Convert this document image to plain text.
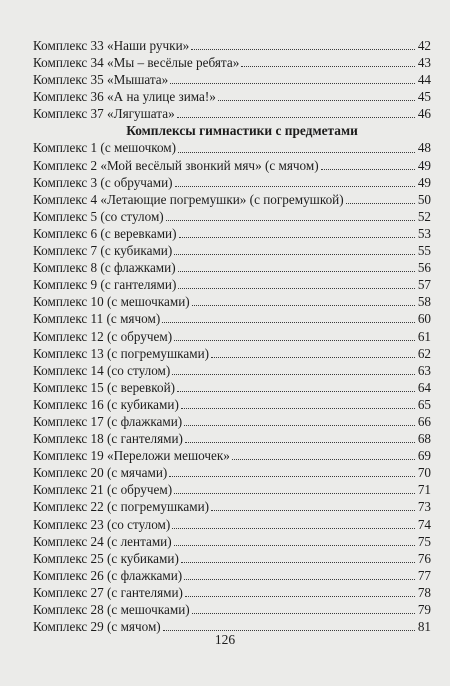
Комплекс 33 «Наши ручки»	42
Комплекс 34 «Мы – весёлые ребята»	43
Комплекс 35 «Мышата»	44
Комплекс 36 «А на улице зима!»	45
Комплекс 37 «Лягушата»	46
Комплексы гимнастики с предметами
Комплекс 1 (с мешочком)	48
Комплекс 2 «Мой весёлый звонкий мяч» (с мячом)	49
Комплекс 3 (с обручами)	49
Комплекс 4 «Летающие погремушки» (с погремушкой)	50
Комплекс 5 (со стулом)	52
Комплекс 6 (с веревками)	53
Комплекс 7 (с кубиками)	55
Комплекс 8 (с флажками)	56
Комплекс 9 (с гантелями)	57
Комплекс 10 (с мешочками)	58
Комплекс 11 (с мячом)	60
Комплекс 12 (с обручем)	61
Комплекс 13 (с погремушками)	62
Комплекс 14 (со стулом)	63
Комплекс 15 (с веревкой)	64
Комплекс 16 (с кубиками)	65
Комплекс 17 (с флажками)	66
Комплекс 18 (с гантелями)	68
Комплекс 19 «Переложи мешочек»	69
Комплекс 20 (с мячами)	70
Комплекс 21 (с обручем)	71
Комплекс 22 (с погремушками)	73
Комплекс 23 (со стулом)	74
Комплекс 24 (с лентами)	75
Комплекс 25 (с кубиками)	76
Комплекс 26 (с флажками)	77
Комплекс 27 (с гантелями)	78
Комплекс 28 (с мешочками)	79
Комплекс 29 (с мячом)	81
126
